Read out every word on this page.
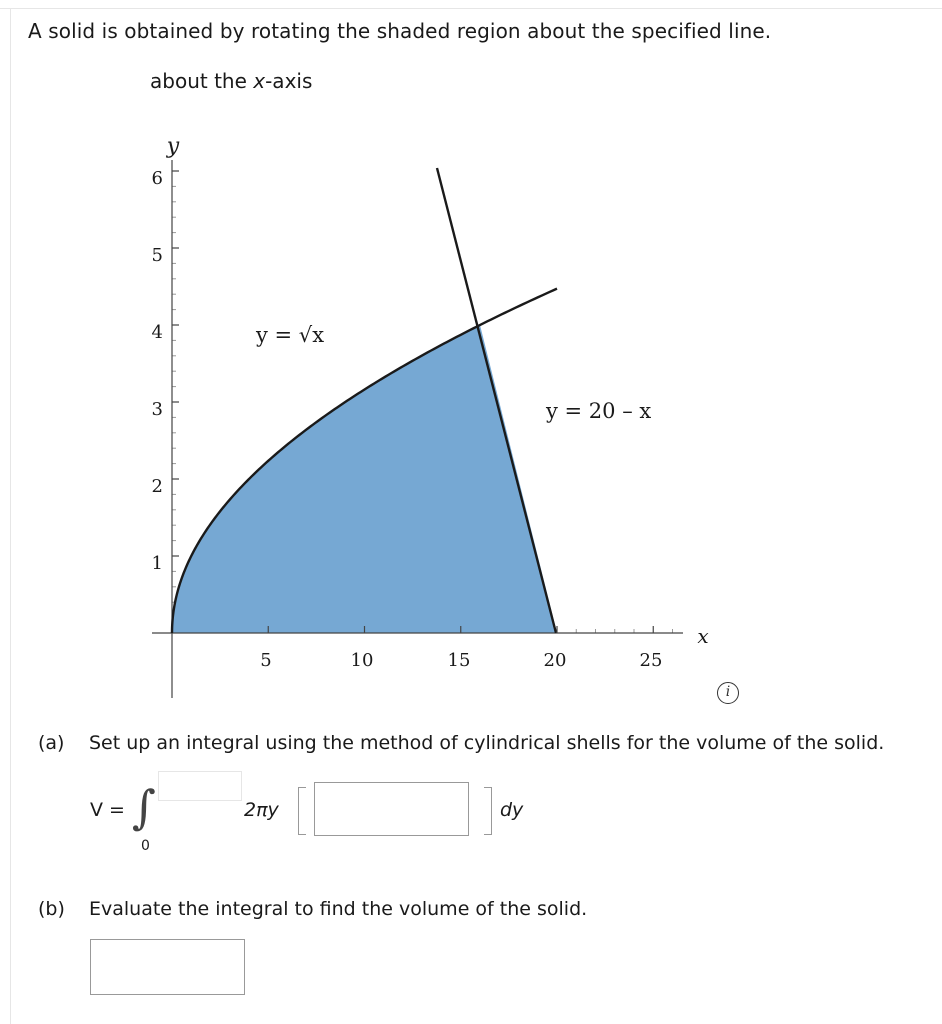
A solid is obtained by rotating the shaded region about the specified line.
about the x-axis
1
2
3
4
5
6
5	10	15	20	25
x
y
y = √x
y = 20 – x
i
(a) Set up an integral using the method of cylindrical shells for the volume of the solid.
V = ∫
0
2πy	dy
(b) Evaluate the integral to find the volume of the solid.
